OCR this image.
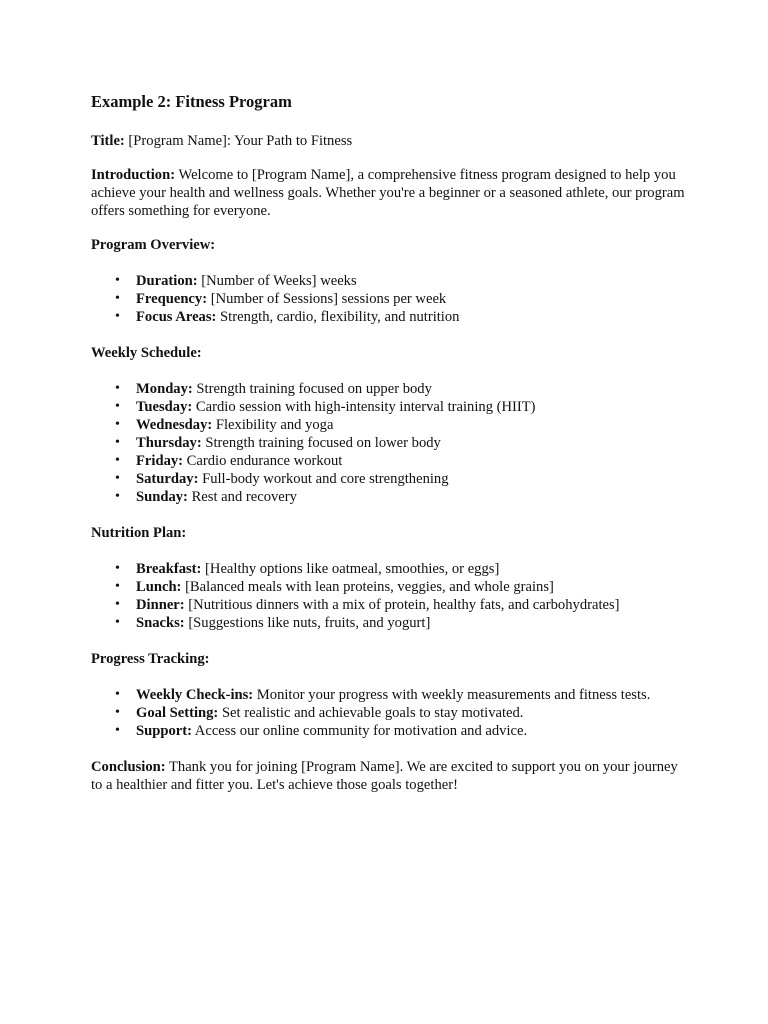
Example 2: Fitness Program

Title: [Program Name]: Your Path to Fitness

Introduction: Welcome to [Program Name], a comprehensive fitness program designed to help you achieve your health and wellness goals. Whether you're a beginner or a seasoned athlete, our program offers something for everyone.

Program Overview:
• Duration: [Number of Weeks] weeks
• Frequency: [Number of Sessions] sessions per week
• Focus Areas: Strength, cardio, flexibility, and nutrition
Weekly Schedule:
• Monday: Strength training focused on upper body
• Tuesday: Cardio session with high-intensity interval training (HIIT)
• Wednesday: Flexibility and yoga
• Thursday: Strength training focused on lower body
• Friday: Cardio endurance workout
• Saturday: Full-body workout and core strengthening
• Sunday: Rest and recovery
Nutrition Plan:
• Breakfast: [Healthy options like oatmeal, smoothies, or eggs]
• Lunch: [Balanced meals with lean proteins, veggies, and whole grains]
• Dinner: [Nutritious dinners with a mix of protein, healthy fats, and carbohydrates]
• Snacks: [Suggestions like nuts, fruits, and yogurt]
Progress Tracking:
• Weekly Check-ins: Monitor your progress with weekly measurements and fitness tests.
• Goal Setting: Set realistic and achievable goals to stay motivated.
• Support: Access our online community for motivation and advice.

Conclusion: Thank you for joining [Program Name]. We are excited to support you on your journey to a healthier and fitter you. Let's achieve those goals together!
